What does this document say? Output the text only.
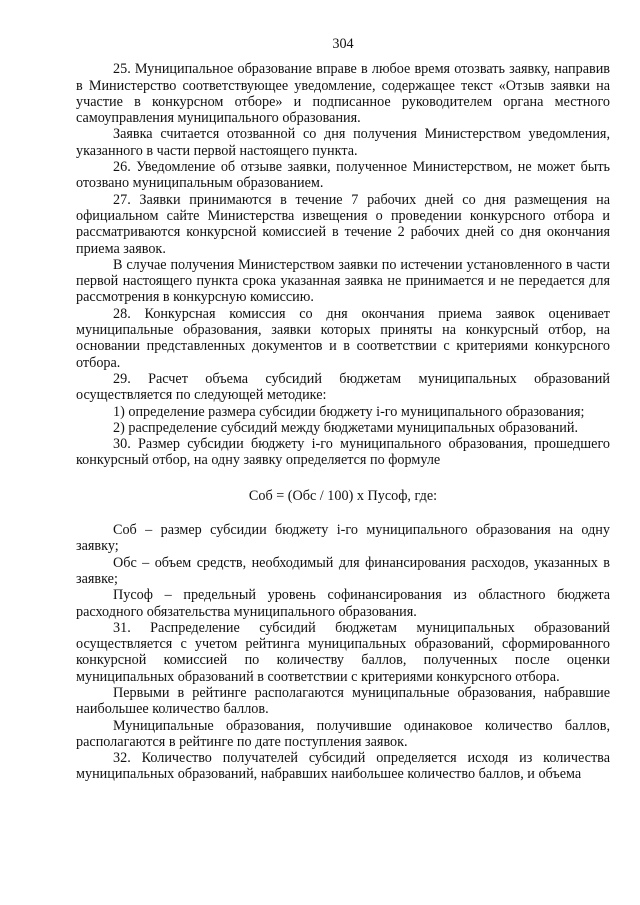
304

25. Муниципальное образование вправе в любое время отозвать заявку, направив в Министерство соответствующее уведомление, содержащее текст «Отзыв заявки на участие в конкурсном отборе» и подписанное руководителем органа местного самоуправления муниципального образования.

Заявка считается отозванной со дня получения Министерством уведомления, указанного в части первой настоящего пункта.

26. Уведомление об отзыве заявки, полученное Министерством, не может быть отозвано муниципальным образованием.

27. Заявки принимаются в течение 7 рабочих дней со дня размещения на официальном сайте Министерства извещения о проведении конкурсного отбора и рассматриваются конкурсной комиссией в течение 2 рабочих дней со дня окончания приема заявок.

В случае получения Министерством заявки по истечении установленного в части первой настоящего пункта срока указанная заявка не принимается и не передается для рассмотрения в конкурсную комиссию.

28. Конкурсная комиссия со дня окончания приема заявок оценивает муниципальные образования, заявки которых приняты на конкурсный отбор, на основании представленных документов и в соответствии с критериями конкурсного отбора.

29. Расчет объема субсидий бюджетам муниципальных образований осуществляется по следующей методике:

1) определение размера субсидии бюджету i-го муниципального образования;

2) распределение субсидий между бюджетами муниципальных образований.

30. Размер субсидии бюджету i-го муниципального образования, прошедшего конкурсный отбор, на одну заявку определяется по формуле

Соб = (Обс / 100) x Пусоф, где:

Соб – размер субсидии бюджету i-го муниципального образования на одну заявку;

Обс – объем средств, необходимый для финансирования расходов, указанных в заявке;

Пусоф – предельный уровень софинансирования из областного бюджета расходного обязательства муниципального образования.

31. Распределение субсидий бюджетам муниципальных образований осуществляется с учетом рейтинга муниципальных образований, сформированного конкурсной комиссией по количеству баллов, полученных после оценки муниципальных образований в соответствии с критериями конкурсного отбора.

Первыми в рейтинге располагаются муниципальные образования, набравшие наибольшее количество баллов.

Муниципальные образования, получившие одинаковое количество баллов, располагаются в рейтинге по дате поступления заявок.

32. Количество получателей субсидий определяется исходя из количества муниципальных образований, набравших наибольшее количество баллов, и объема
